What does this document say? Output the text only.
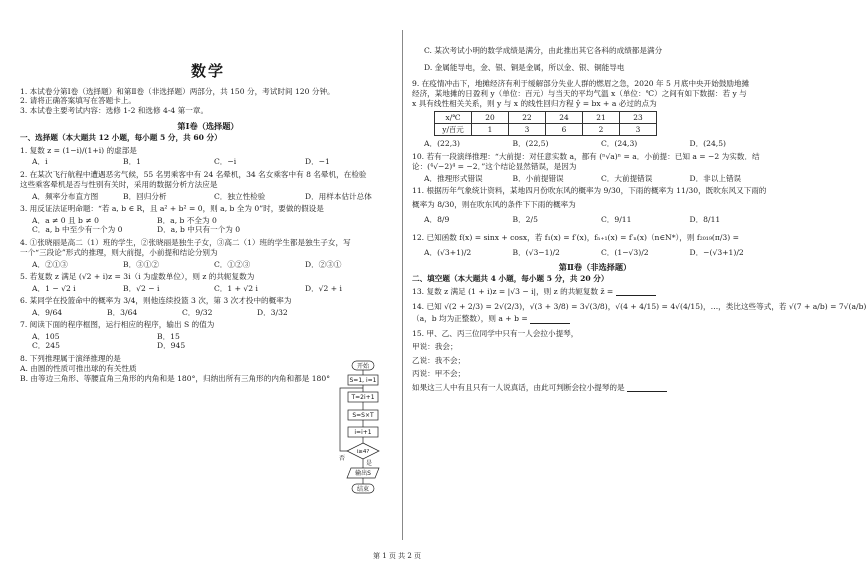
数学

1. 本试卷分第Ⅰ卷（选择题）和第Ⅱ卷（非选择题）两部分，共 150 分，考试时间 120 分钟。

2. 请将正确答案填写在答题卡上。

3. 本试卷主要考试内容：选修 1-2 和选修 4-4 第一章。

第Ⅰ卷（选择题）
一、选择题（本大题共 12 小题，每小题 5 分，共 60 分）

1. 复数 z = (1−i)/(1+i) 的虚部是

A．i	B．1	C．−i	D．−1

2. 在某次飞行航程中遭遇恶劣气候，55 名男乘客中有 24 名晕机，34 名女乘客中有 8 名晕机，在检验

这些乘客晕机是否与性别有关时，采用的数据分析方法应是

A．频率分布直方图	B．回归分析	C．独立性检验	D．用样本估计总体

3. 用反证法证明命题：“若 a, b ∈ R，且 a² + b² = 0，则 a, b 全为 0”时，要做的假设是

A．a ≠ 0 且 b ≠ 0	B．a, b 不全为 0
C．a, b 中至少有一个为 0	D．a, b 中只有一个为 0

4. ①张晓丽是高二（1）班的学生，②张晓丽是独生子女，③高二（1）班的学生都是独生子女，写

一个“三段论”形式的推理，则大前提，小前提和结论分别为

A．②①③	B．③①②	C．①②③	D．②③①

5. 若复数 z 满足 (√2 + i)z = 3i（i 为虚数单位），则 z 的共轭复数为

A．1 − √2 i	B．√2 − i	C．1 + √2 i	D．√2 + i

6. 某同学在投篮命中的概率为 3/4，则他连续投篮 3 次，第 3 次才投中的概率为

A．9/64	B．3/64	C．9/32	D．3/32

7. 阅读下面的程序框图，运行相应的程序，输出 S 的值为

A．105	B．15
C．245	D．945

8. 下列推理属于演绎推理的是

A. 由圆的性质可推出球的有关性质

B. 由等边三角形、等腰直角三角形的内角和是 180°，归纳出所有三角形的内角和都是 180°

开始
S=1, i=1
T=2i+1
S=S×T
i=i+1
i≥4?
否
是
输出S
结束

C. 某次考试小明的数学成绩是满分，由此推出其它各科的成绩都是满分

D. 金属能导电，金、银、铜是金属，所以金、银、铜能导电

9. 在疫情冲击下，地摊经济有利于缓解部分失业人群的燃眉之急，2020 年 5 月底中央开始鼓励地摊

经济，某地摊的日盈利 y（单位：百元）与当天的平均气温 x（单位：℃）之间有如下数据：若 y 与

x 具有线性相关关系，则 y 与 x 的线性回归方程 ŷ = bx + a 必过的点为

x/℃	20	22	24	21	23
y/百元	1	3	6	2	3
A．(22,3)	B．(22,5)	C．(24,3)	D．(24,5)

10. 若有一段演绎推理：“大前提：对任意实数 a，都有 (ⁿ√a)ⁿ = a．小前提：已知 a = −2 为实数．结

论：(⁴√−2)⁴ = −2．”这个结论显然错误，是因为

A．推理形式错误	B．小前提错误	C．大前提错误	D．非以上错误

11. 根据历年气象统计资料，某地四月份吹东风的概率为 9/30，下雨的概率为 11/30，既吹东风又下雨的

概率为 8/30，则在吹东风的条件下下雨的概率为

A．8/9	B．2/5	C．9/11	D．8/11

12. 已知函数 f(x) = sinx + cosx，若 f₁(x) = f′(x)，fₙ₊₁(x) = f′ₙ(x)（n∈N*），则 f₂₀₁₉(π/3) =

A．(√3+1)/2	B．(√3−1)/2	C．(1−√3)/2	D．−(√3+1)/2
第Ⅱ卷（非选择题）
二、填空题（本大题共 4 小题，每小题 5 分，共 20 分）

13. 复数 z 满足 (1 + i)z = |√3 − i|，则 z 的共轭复数 z̄ =

14. 已知 √(2 + 2/3) = 2√(2/3)，√(3 + 3/8) = 3√(3/8)，√(4 + 4/15) = 4√(4/15)，…，类比这些等式，若 √(7 + a/b) = 7√(a/b)

（a，b 均为正整数），则 a + b =

15. 甲、乙、丙三位同学中只有一人会拉小提琴，

甲说：我会；

乙说：我不会；

丙说：甲不会；

如果这三人中有且只有一人说真话，由此可判断会拉小提琴的是

第 1 页 共 2 页
